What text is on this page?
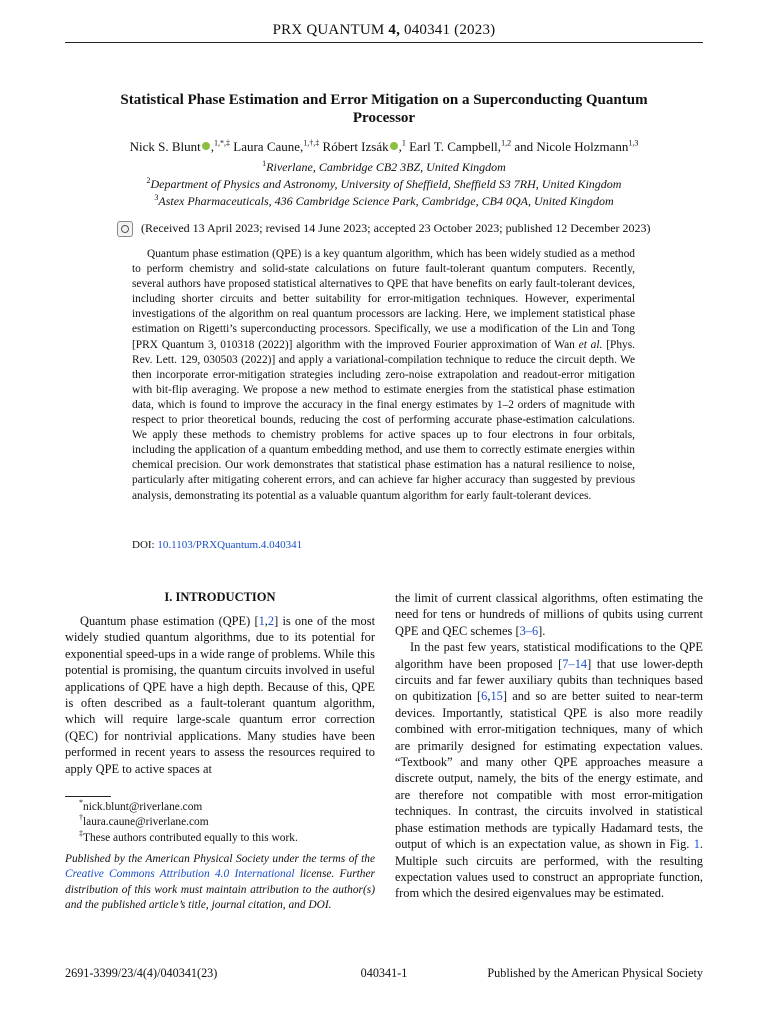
PRX QUANTUM 4, 040341 (2023)
Statistical Phase Estimation and Error Mitigation on a Superconducting Quantum Processor
Nick S. Blunt ,$^{1,*,\ddagger}$ Laura Caune,$^{1,\dagger,\ddagger}$ Róbert Izsák ,$^1$ Earl T. Campbell,$^{1,2}$ and Nicole Holzmann$^{1,3}$
$^1$Riverlane, Cambridge CB2 3BZ, United Kingdom
$^2$Department of Physics and Astronomy, University of Sheffield, Sheffield S3 7RH, United Kingdom
$^3$Astex Pharmaceuticals, 436 Cambridge Science Park, Cambridge, CB4 0QA, United Kingdom
(Received 13 April 2023; revised 14 June 2023; accepted 23 October 2023; published 12 December 2023)
Quantum phase estimation (QPE) is a key quantum algorithm, which has been widely studied as a method to perform chemistry and solid-state calculations on future fault-tolerant quantum computers. Recently, several authors have proposed statistical alternatives to QPE that have benefits on early fault-tolerant devices, including shorter circuits and better suitability for error-mitigation techniques. However, experimental investigations of the algorithm on real quantum processors are lacking. Here, we implement statistical phase estimation on Rigetti’s superconducting processors. Specifically, we use a modification of the Lin and Tong [PRX Quantum 3, 010318 (2022)] algorithm with the improved Fourier approximation of Wan et al. [Phys. Rev. Lett. 129, 030503 (2022)] and apply a variational-compilation technique to reduce the circuit depth. We then incorporate error-mitigation strategies including zero-noise extrapolation and readout-error mitigation with bit-flip averaging. We propose a new method to estimate energies from the statistical phase estimation data, which is found to improve the accuracy in the final energy estimates by 1–2 orders of magnitude with respect to prior theoretical bounds, reducing the cost of performing accurate phase-estimation calculations. We apply these methods to chemistry problems for active spaces up to four electrons in four orbitals, including the application of a quantum embedding method, and use them to correctly estimate energies within chemical precision. Our work demonstrates that statistical phase estimation has a natural resilience to noise, particularly after mitigating coherent errors, and can achieve far higher accuracy than suggested by previous analysis, demonstrating its potential as a valuable quantum algorithm for early fault-tolerant devices.
DOI: 10.1103/PRXQuantum.4.040341
I. INTRODUCTION

Quantum phase estimation (QPE) [1,2] is one of the most widely studied quantum algorithms, due to its potential for exponential speed-ups in a wide range of problems. While this potential is promising, the quantum circuits involved in useful applications of QPE have a high depth. Because of this, QPE is often described as a fault-tolerant quantum algorithm, which will require large-scale quantum error correction (QEC) for nontrivial applications. Many studies have been performed in recent years to assess the resources required to apply QPE to active spaces at

*nick.blunt@riverlane.com
†laura.caune@riverlane.com
‡These authors contributed equally to this work.
Published by the American Physical Society under the terms of the Creative Commons Attribution 4.0 International license. Further distribution of this work must maintain attribution to the author(s) and the published article’s title, journal citation, and DOI.

the limit of current classical algorithms, often estimating the need for tens or hundreds of millions of qubits using current QPE and QEC schemes [3–6].

In the past few years, statistical modifications to the QPE algorithm have been proposed [7–14] that use lower-depth circuits and far fewer auxiliary qubits than techniques based on qubitization [6,15] and so are better suited to near-term devices. Importantly, statistical QPE is also more readily combined with error-mitigation techniques, many of which are primarily designed for estimating expectation values. “Textbook” and many other QPE approaches measure a discrete output, namely, the bits of the energy estimate, and are therefore not compatible with most error-mitigation techniques. In contrast, the circuits involved in statistical phase estimation methods are typically Hadamard tests, the output of which is an expectation value, as shown in Fig. 1. Multiple such circuits are performed, with the resulting expectation values used to construct an appropriate function, from which the desired eigenvalues may be estimated.

2691-3399/23/4(4)/040341(23)	040341-1	Published by the American Physical Society
